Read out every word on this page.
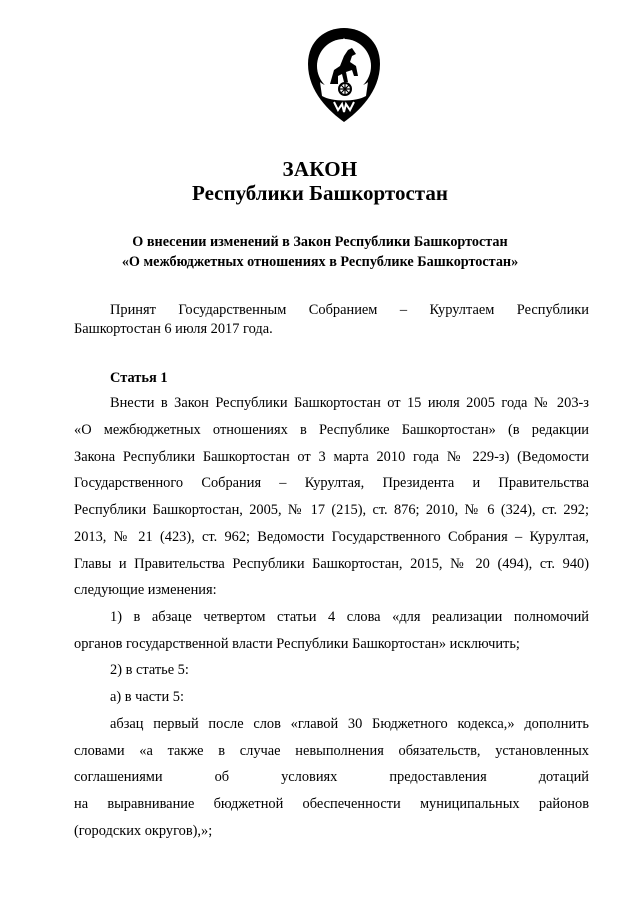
ЗАКОН
Республики Башкортостан
О внесении изменений в Закон Республики Башкортостан
«О межбюджетных отношениях в Республике Башкортостан»

Принят Государственным Собранием – Курултаем Республики

Башкортостан 6 июля 2017 года.

Статья 1

Внести в Закон Республики Башкортостан от 15 июля 2005 года № 203-з

«О межбюджетных отношениях в Республике Башкортостан» (в редакции

Закона Республики Башкортостан от 3 марта 2010 года № 229-з) (Ведомости

Государственного Собрания – Курултая, Президента и Правительства

Республики Башкортостан, 2005, № 17 (215), ст. 876; 2010, № 6 (324), ст. 292;

2013, № 21 (423), ст. 962; Ведомости Государственного Собрания – Курултая,

Главы и Правительства Республики Башкортостан, 2015, № 20 (494), ст. 940)

следующие изменения:

1) в абзаце четвертом статьи 4 слова «для реализации полномочий

органов государственной власти Республики Башкортостан» исключить;

2) в статье 5:

а) в части 5:

абзац первый после слов «главой 30 Бюджетного кодекса,» дополнить

словами «а также в случае невыполнения обязательств, установленных

соглашениями об условиях предоставления дотаций

на выравнивание бюджетной обеспеченности муниципальных районов

(городских округов),»;
